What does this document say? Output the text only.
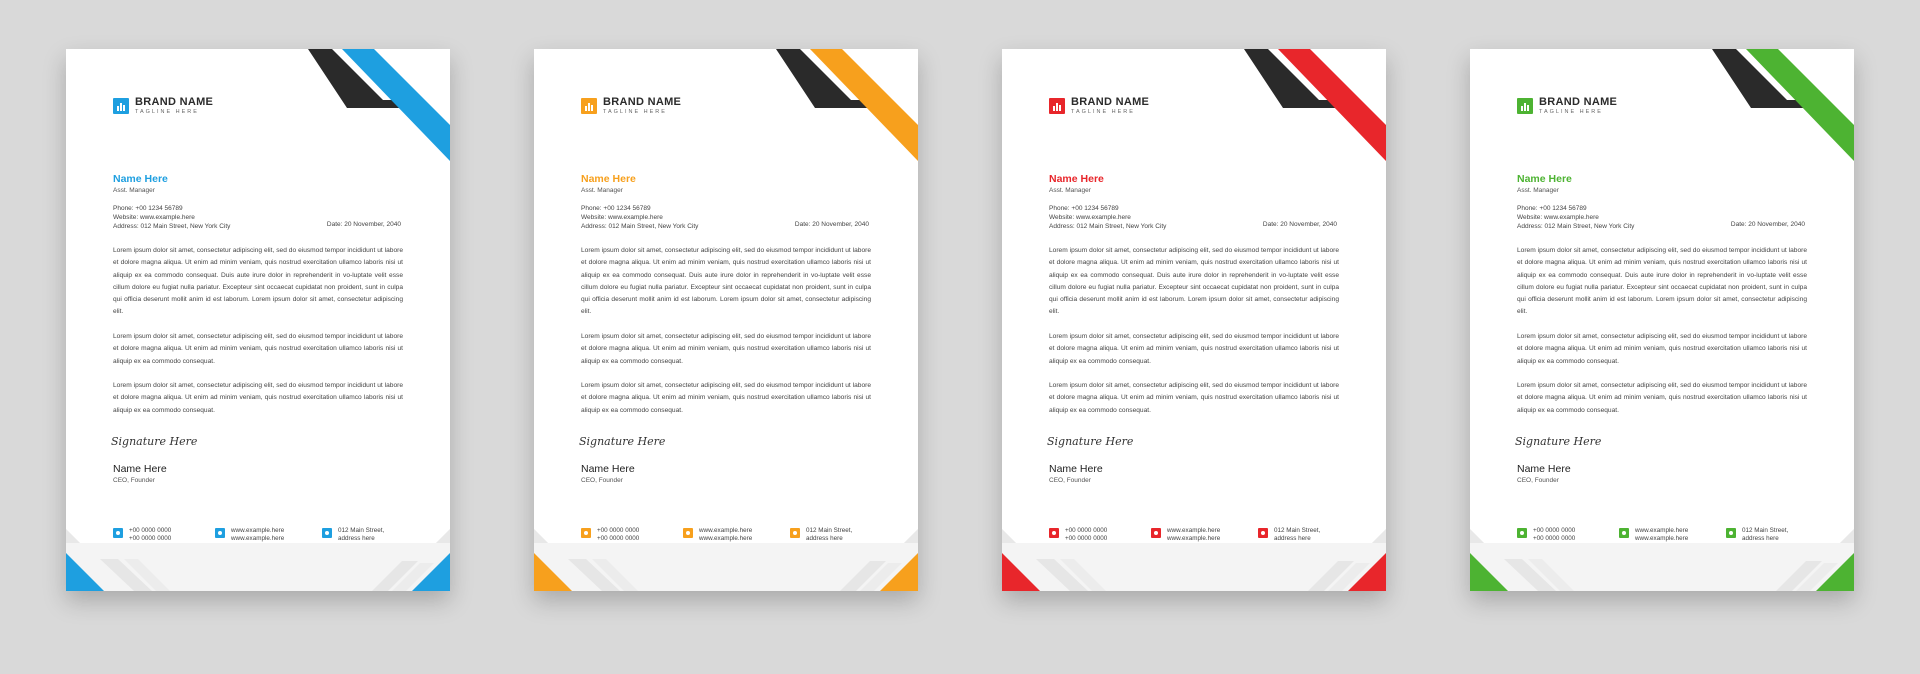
BRAND NAME
TAGLINE HERE
Name Here
Asst. Manager
Phone: +00 1234 56789
Website: www.example.here
Address: 012 Main Street, New York City	Date: 20 November, 2040

Lorem ipsum dolor sit amet, consectetur adipiscing elit, sed do eiusmod tempor incididunt ut labore et dolore magna aliqua. Ut enim ad minim veniam, quis nostrud exercitation ullamco laboris nisi ut aliquip ex ea commodo consequat. Duis aute irure dolor in reprehenderit in vo-luptate velit esse cillum dolore eu fugiat nulla pariatur. Excepteur sint occaecat cupidatat non proident, sunt in culpa qui officia deserunt mollit anim id est laborum. Lorem ipsum dolor sit amet, consectetur adipiscing elit.

Lorem ipsum dolor sit amet, consectetur adipiscing elit, sed do eiusmod tempor incididunt ut labore et dolore magna aliqua. Ut enim ad minim veniam, quis nostrud exercitation ullamco laboris nisi ut aliquip ex ea commodo consequat.

Lorem ipsum dolor sit amet, consectetur adipiscing elit, sed do eiusmod tempor incididunt ut labore et dolore magna aliqua. Ut enim ad minim veniam, quis nostrud exercitation ullamco laboris nisi ut aliquip ex ea commodo consequat.

Signature Here
Name Here
CEO, Founder
+00 0000 0000
+00 0000 0000
www.example.here
www.example.here
012 Main Street,
address here
BRAND NAME
TAGLINE HERE
Name Here
Asst. Manager
Phone: +00 1234 56789
Website: www.example.here
Address: 012 Main Street, New York City	Date: 20 November, 2040

Lorem ipsum dolor sit amet, consectetur adipiscing elit, sed do eiusmod tempor incididunt ut labore et dolore magna aliqua. Ut enim ad minim veniam, quis nostrud exercitation ullamco laboris nisi ut aliquip ex ea commodo consequat. Duis aute irure dolor in reprehenderit in vo-luptate velit esse cillum dolore eu fugiat nulla pariatur. Excepteur sint occaecat cupidatat non proident, sunt in culpa qui officia deserunt mollit anim id est laborum. Lorem ipsum dolor sit amet, consectetur adipiscing elit.

Lorem ipsum dolor sit amet, consectetur adipiscing elit, sed do eiusmod tempor incididunt ut labore et dolore magna aliqua. Ut enim ad minim veniam, quis nostrud exercitation ullamco laboris nisi ut aliquip ex ea commodo consequat.

Lorem ipsum dolor sit amet, consectetur adipiscing elit, sed do eiusmod tempor incididunt ut labore et dolore magna aliqua. Ut enim ad minim veniam, quis nostrud exercitation ullamco laboris nisi ut aliquip ex ea commodo consequat.

Signature Here
Name Here
CEO, Founder
+00 0000 0000
+00 0000 0000
www.example.here
www.example.here
012 Main Street,
address here
BRAND NAME
TAGLINE HERE
Name Here
Asst. Manager
Phone: +00 1234 56789
Website: www.example.here
Address: 012 Main Street, New York City	Date: 20 November, 2040

Lorem ipsum dolor sit amet, consectetur adipiscing elit, sed do eiusmod tempor incididunt ut labore et dolore magna aliqua. Ut enim ad minim veniam, quis nostrud exercitation ullamco laboris nisi ut aliquip ex ea commodo consequat. Duis aute irure dolor in reprehenderit in vo-luptate velit esse cillum dolore eu fugiat nulla pariatur. Excepteur sint occaecat cupidatat non proident, sunt in culpa qui officia deserunt mollit anim id est laborum. Lorem ipsum dolor sit amet, consectetur adipiscing elit.

Lorem ipsum dolor sit amet, consectetur adipiscing elit, sed do eiusmod tempor incididunt ut labore et dolore magna aliqua. Ut enim ad minim veniam, quis nostrud exercitation ullamco laboris nisi ut aliquip ex ea commodo consequat.

Lorem ipsum dolor sit amet, consectetur adipiscing elit, sed do eiusmod tempor incididunt ut labore et dolore magna aliqua. Ut enim ad minim veniam, quis nostrud exercitation ullamco laboris nisi ut aliquip ex ea commodo consequat.

Signature Here
Name Here
CEO, Founder
+00 0000 0000
+00 0000 0000
www.example.here
www.example.here
012 Main Street,
address here
BRAND NAME
TAGLINE HERE
Name Here
Asst. Manager
Phone: +00 1234 56789
Website: www.example.here
Address: 012 Main Street, New York City	Date: 20 November, 2040

Lorem ipsum dolor sit amet, consectetur adipiscing elit, sed do eiusmod tempor incididunt ut labore et dolore magna aliqua. Ut enim ad minim veniam, quis nostrud exercitation ullamco laboris nisi ut aliquip ex ea commodo consequat. Duis aute irure dolor in reprehenderit in vo-luptate velit esse cillum dolore eu fugiat nulla pariatur. Excepteur sint occaecat cupidatat non proident, sunt in culpa qui officia deserunt mollit anim id est laborum. Lorem ipsum dolor sit amet, consectetur adipiscing elit.

Lorem ipsum dolor sit amet, consectetur adipiscing elit, sed do eiusmod tempor incididunt ut labore et dolore magna aliqua. Ut enim ad minim veniam, quis nostrud exercitation ullamco laboris nisi ut aliquip ex ea commodo consequat.

Lorem ipsum dolor sit amet, consectetur adipiscing elit, sed do eiusmod tempor incididunt ut labore et dolore magna aliqua. Ut enim ad minim veniam, quis nostrud exercitation ullamco laboris nisi ut aliquip ex ea commodo consequat.

Signature Here
Name Here
CEO, Founder
+00 0000 0000
+00 0000 0000
www.example.here
www.example.here
012 Main Street,
address here
